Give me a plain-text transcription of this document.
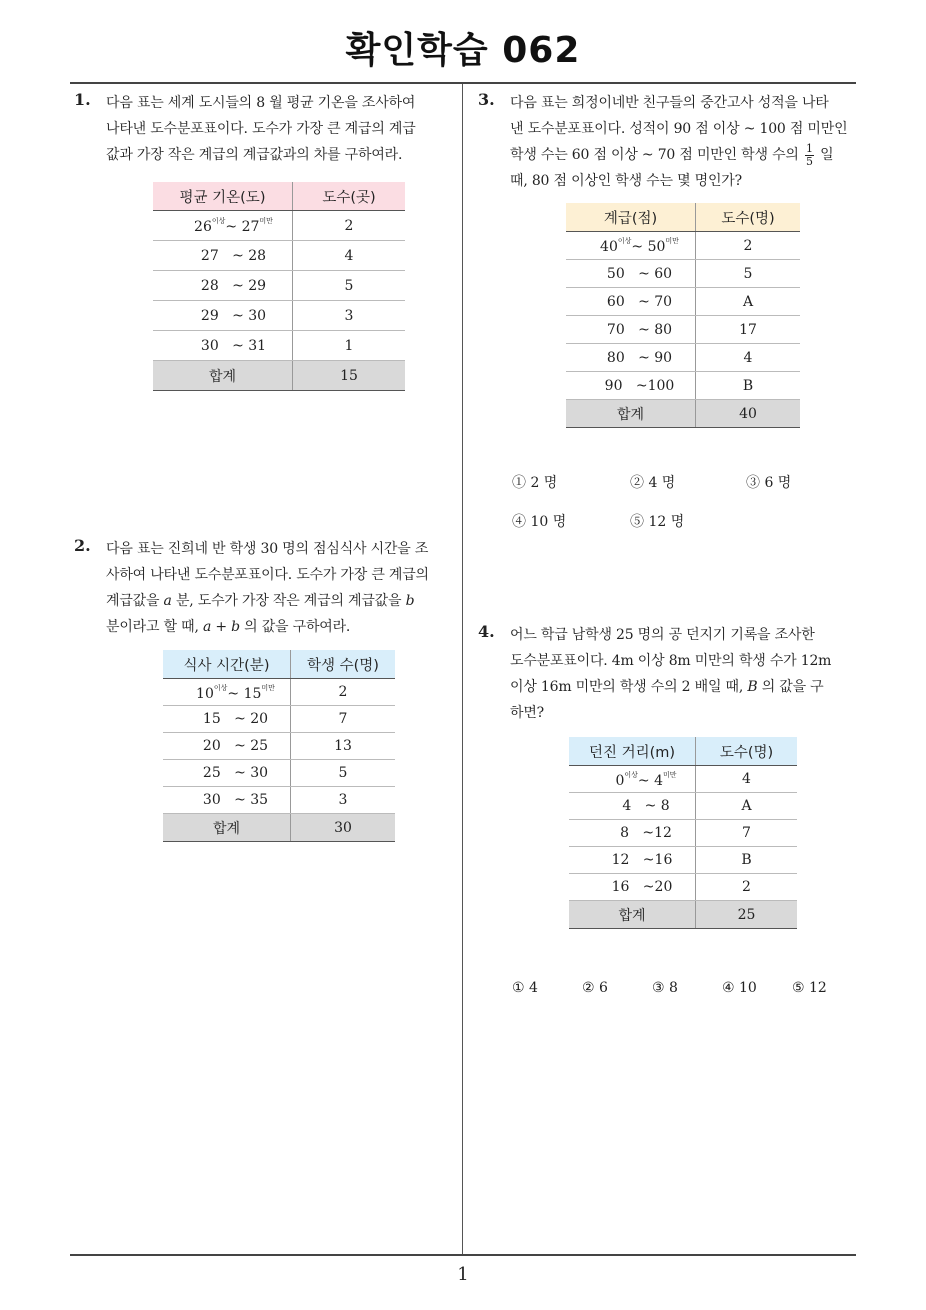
확인학습 062
1
1. 다음 표는 세계 도시들의 8 월 평균 기온을 조사하여
나타낸 도수분포표이다. 도수가 가장 큰 계급의 계급
값과 가장 작은 계급의 계급값과의 차를 구하여라.
평균 기온(도)	도수(곳)
$26^{이상}\sim$ $27^{미만}$	2
27   ~ 28	4
28   ~ 29	5
29   ~ 30	3
30   ~ 31	1
합계	15
2. 다음 표는 진희네 반 학생 30 명의 점심식사 시간을 조
사하여 나타낸 도수분포표이다. 도수가 가장 큰 계급의
계급값을 a 분, 도수가 가장 작은 계급의 계급값을 b
분이라고 할 때, a + b 의 값을 구하여라.
식사 시간(분)	학생 수(명)
$10^{이상}\sim$ $15^{미만}$	2
15   ~ 20	7
20   ~ 25	13
25   ~ 30	5
30   ~ 35	3
합계	30
3. 다음 표는 희정이네반 친구들의 중간고사 성적을 나타
낸 도수분포표이다. 성적이 90 점 이상 ~ 100 점 미만인
학생 수는 60 점 이상 ~ 70 점 미만인 학생 수의 $\frac{1}{5}$ 일
때, 80 점 이상인 학생 수는 몇 명인가?
계급(점)	도수(명)
$40^{이상}\sim$ $50^{미만}$	2
50   ~ 60	5
60   ~ 70	A
70   ~ 80	17
80   ~ 90	4
90   ~100	B
합계	40
① 2 명	② 4 명	③ 6 명
④ 10 명	⑤ 12 명
4. 어느 학급 남학생 25 명의 공 던지기 기록을 조사한
도수분포표이다. 4m 이상 8m 미만의 학생 수가 12m
이상 16m 미만의 학생 수의 2 배일 때, B 의 값을 구
하면?
던진 거리(m)	도수(명)
$0^{이상}\sim$ $4^{미만}$	4
4   ~ 8	A
8   ~12	7
12   ~16	B
16   ~20	2
합계	25
① 4	② 6	③ 8	④ 10	⑤ 12
